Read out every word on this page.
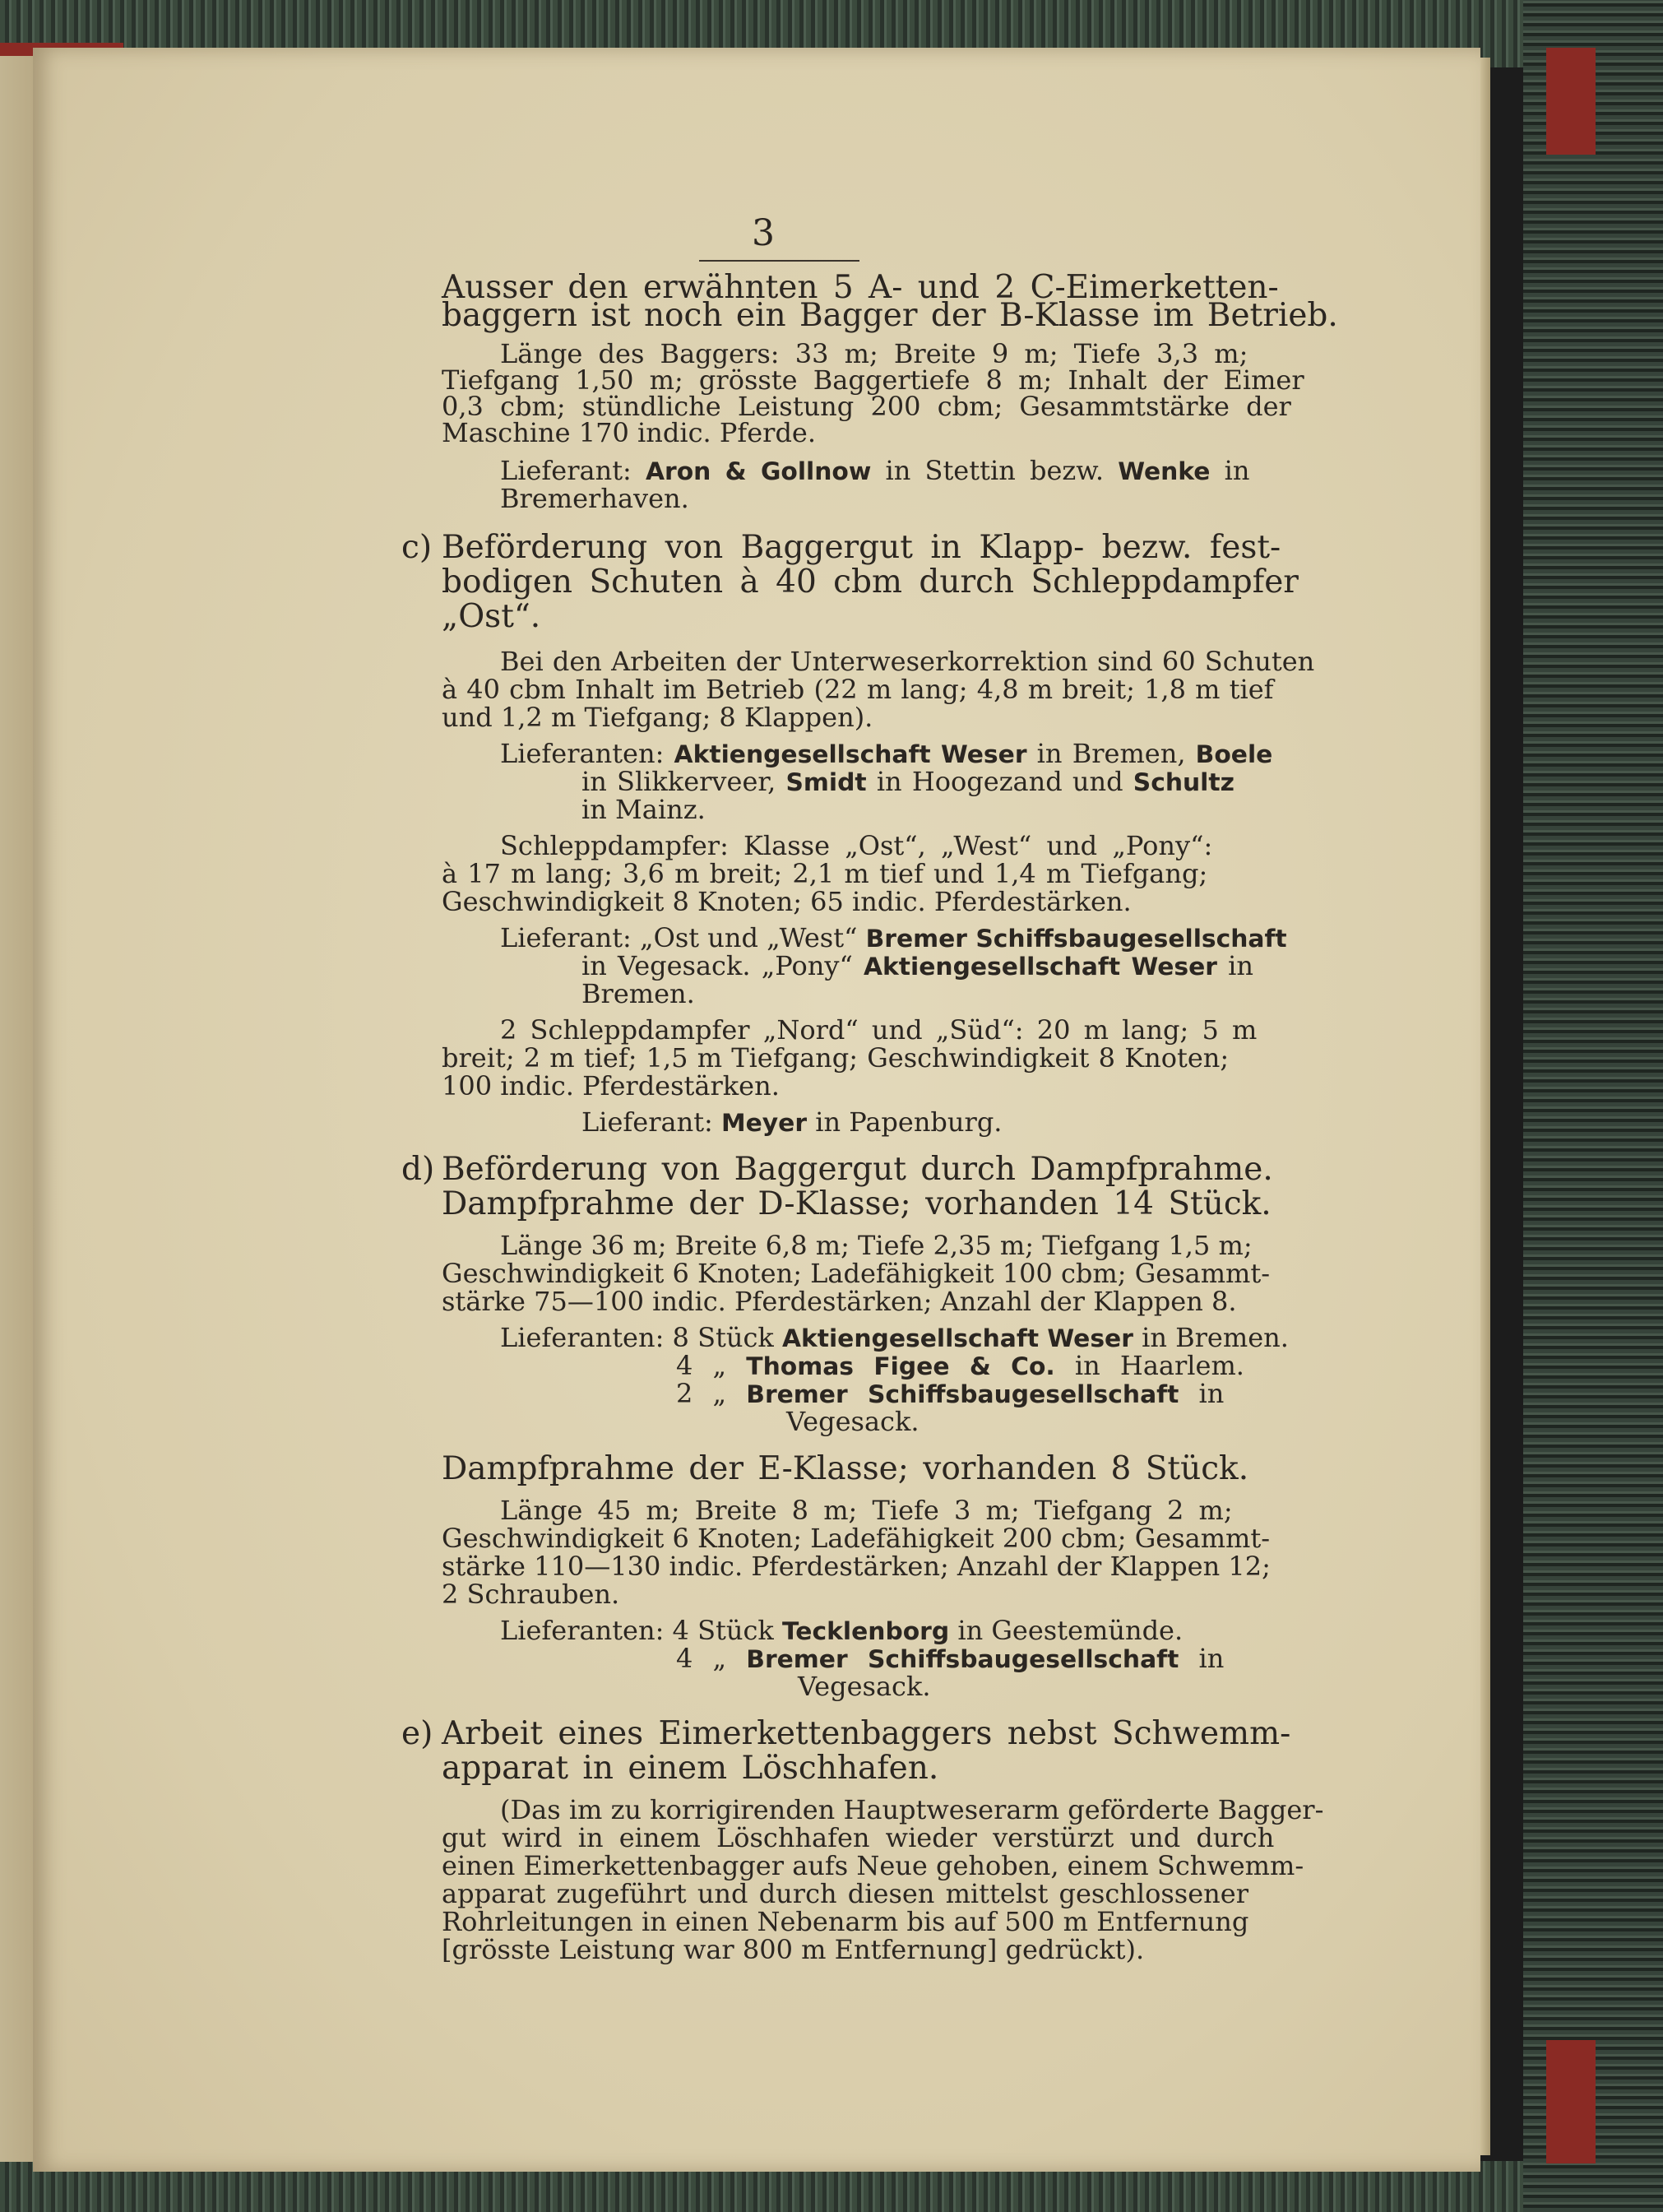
3
Ausser den erwähnten 5 A- und 2 C-Eimerketten-
baggern ist noch ein Bagger der B-Klasse im Betrieb.
Länge des Baggers: 33 m; Breite 9 m; Tiefe 3,3 m;
Tiefgang 1,50 m; grösste Baggertiefe 8 m; Inhalt der Eimer
0,3 cbm; stündliche Leistung 200 cbm; Gesammtstärke der
Maschine 170 indic. Pferde.
Lieferant: Aron & Gollnow in Stettin bezw. Wenke in
Bremerhaven.
c) Beförderung von Baggergut in Klapp- bezw. fest-
bodigen Schuten à 40 cbm durch Schleppdampfer
„Ost“.
Bei den Arbeiten der Unterweserkorrektion sind 60 Schuten
à 40 cbm Inhalt im Betrieb (22 m lang; 4,8 m breit; 1,8 m tief
und 1,2 m Tiefgang; 8 Klappen).
Lieferanten: Aktiengesellschaft Weser in Bremen, Boele
in Slikkerveer, Smidt in Hoogezand und Schultz
in Mainz.
Schleppdampfer: Klasse „Ost“, „West“ und „Pony“:
à 17 m lang; 3,6 m breit; 2,1 m tief und 1,4 m Tiefgang;
Geschwindigkeit 8 Knoten; 65 indic. Pferdestärken.
Lieferant: „Ost und „West“ Bremer Schiffsbaugesellschaft
in Vegesack. „Pony“ Aktiengesellschaft Weser in
Bremen.
2 Schleppdampfer „Nord“ und „Süd“: 20 m lang; 5 m
breit; 2 m tief; 1,5 m Tiefgang; Geschwindigkeit 8 Knoten;
100 indic. Pferdestärken.
Lieferant: Meyer in Papenburg.
d) Beförderung von Baggergut durch Dampfprahme.
Dampfprahme der D-Klasse; vorhanden 14 Stück.
Länge 36 m; Breite 6,8 m; Tiefe 2,35 m; Tiefgang 1,5 m;
Geschwindigkeit 6 Knoten; Ladefähigkeit 100 cbm; Gesammt-
stärke 75—100 indic. Pferdestärken; Anzahl der Klappen 8.
Lieferanten: 8 Stück Aktiengesellschaft Weser in Bremen.
4 „ Thomas Figee & Co. in Haarlem.
2 „ Bremer Schiffsbaugesellschaft in
Vegesack.
Dampfprahme der E-Klasse; vorhanden 8 Stück.
Länge 45 m; Breite 8 m; Tiefe 3 m; Tiefgang 2 m;
Geschwindigkeit 6 Knoten; Ladefähigkeit 200 cbm; Gesammt-
stärke 110—130 indic. Pferdestärken; Anzahl der Klappen 12;
2 Schrauben.
Lieferanten: 4 Stück Tecklenborg in Geestemünde.
4 „ Bremer Schiffsbaugesellschaft in
Vegesack.
e) Arbeit eines Eimerkettenbaggers nebst Schwemm-
apparat in einem Löschhafen.
(Das im zu korrigirenden Hauptweserarm geförderte Bagger-
gut wird in einem Löschhafen wieder verstürzt und durch
einen Eimerkettenbagger aufs Neue gehoben, einem Schwemm-
apparat zugeführt und durch diesen mittelst geschlossener
Rohrleitungen in einen Nebenarm bis auf 500 m Entfernung
[grösste Leistung war 800 m Entfernung] gedrückt).
